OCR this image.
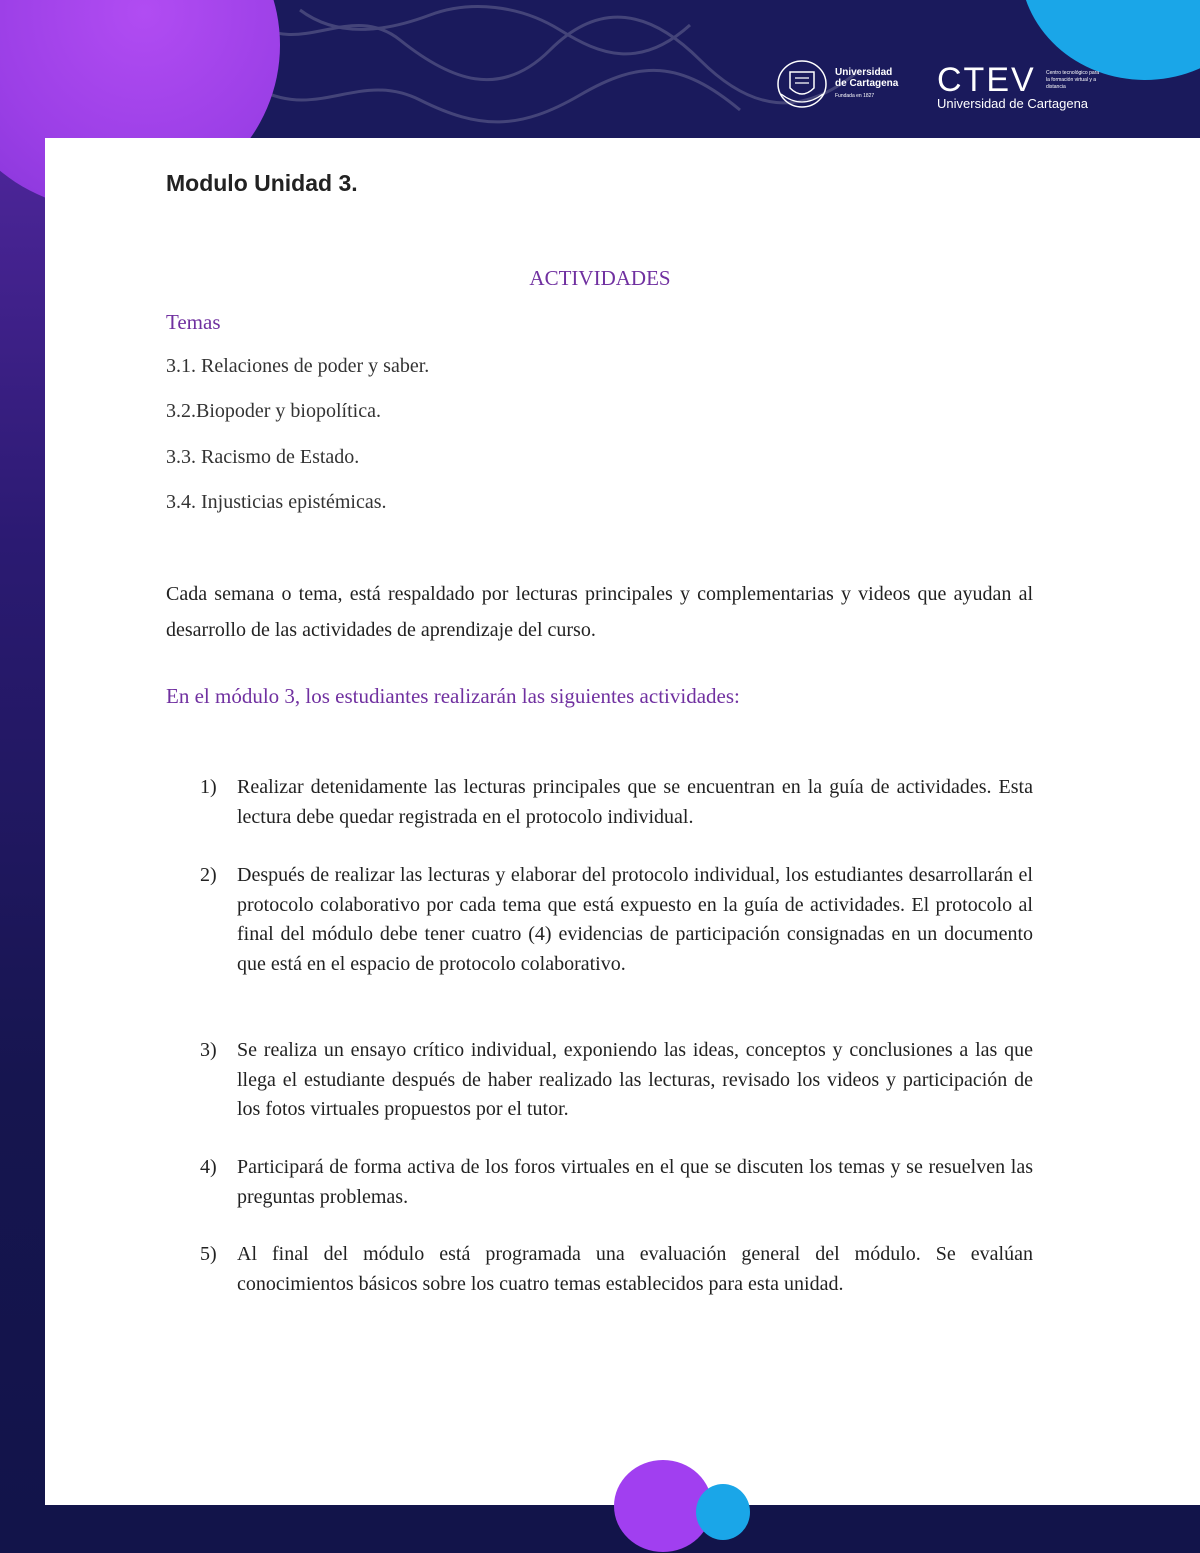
Universidad
de Cartagena
Fundada en 1827	CTEV
Universidad de Cartagena
Centro tecnológico para la formación virtual y a distancia
Modulo Unidad 3.
ACTIVIDADES
Temas
3.1. Relaciones de poder y saber.
3.2.Biopoder y biopolítica.
3.3. Racismo de Estado.
3.4. Injusticias epistémicas.
Cada semana o tema, está respaldado por lecturas principales y complementarias y videos que ayudan al desarrollo de las actividades de aprendizaje del curso.
En el módulo 3, los estudiantes realizarán las siguientes actividades:
1) Realizar detenidamente las lecturas principales que se encuentran en la guía de actividades. Esta lectura debe quedar registrada en el protocolo individual.
2) Después de realizar las lecturas y elaborar del protocolo individual, los estudiantes desarrollarán el protocolo colaborativo por cada tema que está expuesto en la guía de actividades. El protocolo al final del módulo debe tener cuatro (4) evidencias de participación consignadas en un documento que está en el espacio de protocolo colaborativo.
3) Se realiza un ensayo crítico individual, exponiendo las ideas, conceptos y conclusiones a las que llega el estudiante después de haber realizado las lecturas, revisado los videos y participación de los fotos virtuales propuestos por el tutor.
4) Participará de forma activa de los foros virtuales en el que se discuten los temas y se resuelven las preguntas problemas.
5) Al final del módulo está programada una evaluación general del módulo. Se evalúan conocimientos básicos sobre los cuatro temas establecidos para esta unidad.
